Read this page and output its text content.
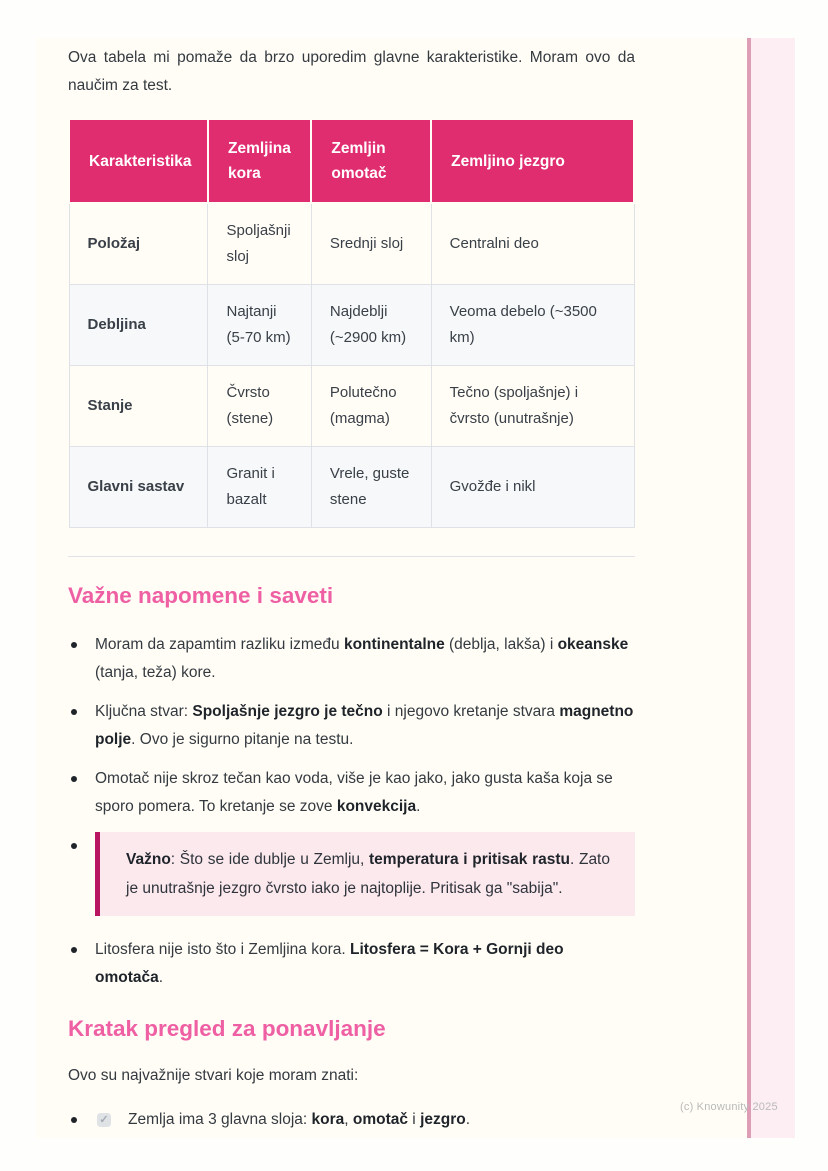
Ova tabela mi pomaže da brzo uporedim glavne karakteristike. Moram ovo da naučim za test.

Karakteristika	Zemljina kora	Zemljin omotač	Zemljino jezgro
Položaj	Spoljašnji sloj	Srednji sloj	Centralni deo
Debljina	Najtanji (5-70 km)	Najdeblji (~2900 km)	Veoma debelo (~3500 km)
Stanje	Čvrsto (stene)	Polutečno (magma)	Tečno (spoljašnje) i čvrsto (unutrašnje)
Glavni sastav	Granit i bazalt	Vrele, guste stene	Gvožđe i nikl
Važne napomene i saveti
Moram da zapamtim razliku između kontinentalne (deblja, lakša) i okeanske (tanja, teža) kore.
Ključna stvar: Spoljašnje jezgro je tečno i njegovo kretanje stvara magnetno polje. Ovo je sigurno pitanje na testu.
Omotač nije skroz tečan kao voda, više je kao jako, jako gusta kaša koja se sporo pomera. To kretanje se zove konvekcija.
Važno: Što se ide dublje u Zemlju, temperatura i pritisak rastu. Zato je unutrašnje jezgro čvrsto iako je najtoplije. Pritisak ga "sabija".
Litosfera nije isto što i Zemljina kora. Litosfera = Kora + Gornji deo omotača.
Kratak pregled za ponavljanje

Ovo su najvažnije stvari koje moram znati:

✓ Zemlja ima 3 glavna sloja: kora, omotač i jezgro.
(c) Knowunity 2025
